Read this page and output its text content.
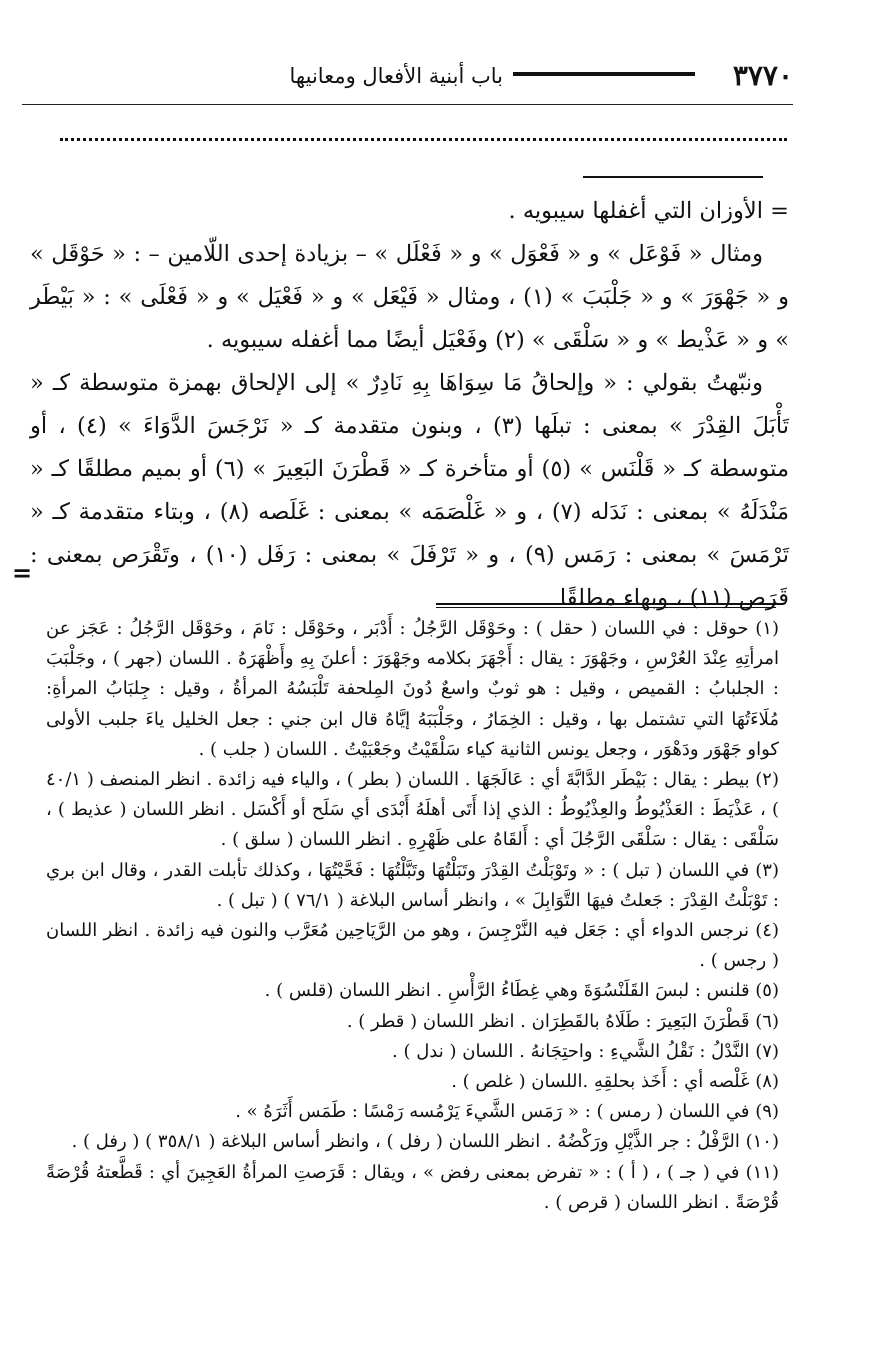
٣٧٧٠
باب أبنية الأفعال ومعانيها

= الأوزان التي أغفلها سيبويه .

ومثال « فَوْعَل » و « فَعْوَل » و « فَعْلَل » – بزيادة إحدى اللّامين – : « حَوْقَل » و « جَهْوَرَ » و « جَلْبَبَ » (١) ، ومثال « فَيْعَل » و « فَعْيَل » و « فَعْلَى » : « بَيْطَر » و « عَذْيط » و « سَلْقَى » (٢) وفَعْيَل أيضًا مما أغفله سيبويه .

ونبّهتُ بقولي : « وإلحاقُ مَا سِوَاهَا بِهِ نَادِرٌ » إلى الإلحاق بهمزة متوسطة كـ « تَأْبَلَ القِدْرَ » بمعنى : تبلَها (٣) ، وبنون متقدمة كـ « نَرْجَسَ الدَّوَاءَ » (٤) ، أو متوسطة كـ « قَلْنَس » (٥) أو متأخرة كـ « قَطْرَنَ البَعِيرَ » (٦) أو بميم مطلقًا كـ « مَنْدَلَهُ » بمعنى : نَدَله (٧) ، و « غَلْصَمَه » بمعنى : غَلَصه (٨) ، وبتاء متقدمة كـ « تَرْمَسَ » بمعنى : رَمَس (٩) ، و « تَرْفَلَ » بمعنى : رَفَل (١٠) ، وتَقْرَص بمعنى : قَرَص (١١) ، وبهاء مطلقًا

=

(١) حوقل : في اللسان ( حقل ) : وحَوْقَل الرَّجُلُ : أَدْبَر ، وحَوْقَل : نَامَ ، وحَوْقَل الرَّجُلُ : عَجَز عن امرأتِهِ عِنْدَ العُرْسِ ، وجَهْوَرَ : يقال : أَجْهَرَ بكلامه وجَهْوَرَ : أعلنَ بِهِ وأَظْهَرَهُ . اللسان (جهر ) ، وجَلْبَبَ : الجلبابُ : القميص ، وقيل : هو ثوبٌ واسعٌ دُونَ المِلحفة تَلْبَسُهُ المرأةُ ، وقيل : جِلبَابُ المرأةِ: مُلَاءَتُهَا التي تشتمل بها ، وقيل : الخِمَارُ ، وجَلْبَبَهُ إيَّاهُ قال ابن جني : جعل الخليل ياءَ جلبب الأولى كواو جَهْوَر ودَهْوَر ، وجعل يونس الثانية كياء سَلْقَيْتُ وجَعْبَيْتُ . اللسان ( جلب ) .

(٢) بيطر : يقال : بَيْطَر الدَّابَّةَ أي : عَالَجَهَا . اللسان ( بطر ) ، والياء فيه زائدة . انظر المنصف ( ٤٠/١ ) ، عَذْيَطَ : العَذْيُوطُ والعِذْيُوطُ : الذي إذا أَتَى أهلَهُ أَبْدَى أي سَلَح أو أَكْسَل . انظر اللسان ( عذيط ) ، سَلْقَى : يقال : سَلْقَى الرَّجُلَ أي : أَلقَاهُ على ظَهْرِهِ . انظر اللسان ( سلق ) .

(٣) في اللسان ( تبل ) : « وتَوْبَلْتُ القِدْرَ وتَبَلْتُهَا وتَبَّلْتُهَا : فَحَّيْتُهَا ، وكذلك تأبلت القدر ، وقال ابن بري : تَوْبَلْتُ القِدْرَ : جَعلتُ فيهَا التَّوَابِلَ » ، وانظر أساس البلاغة ( ٧٦/١ ) ( تبل ) .

(٤) نرجس الدواء أي : جَعَل فيه النَّرْجِسَ ، وهو من الرَّيَاحِين مُعَرَّب والنون فيه زائدة . انظر اللسان ( رجس ) .

(٥) قلنس : لبسَ القَلَنْسُوَةَ وهي غِطَاءُ الرَّأْسِ . انظر اللسان (قلس ) .

(٦) قَطْرَنَ البَعِيرَ : طَلَاهُ بالقَطِرَان . انظر اللسان ( قطر ) .

(٧) النَّدْلُ : نَقْلُ الشَّيءِ : واحتِجَانهُ . اللسان ( ندل ) .

(٨) غَلْصه أي : أَخَذ بحلقِهِ .اللسان ( غلص ) .

(٩) في اللسان ( رمس ) : « رَمَس الشَّيءَ يَرْمُسه رَمْسًا : طَمَس أَثَرَهُ » .

(١٠) الرَّفْلُ : جر الذَّيْلِ ورَكْضُهُ . انظر اللسان ( رفل ) ، وانظر أساس البلاغة ( ٣٥٨/١ ) ( رفل ) .

(١١) في ( جـ ) ، ( أ ) : « تفرض بمعنى رفض » ، ويقال : قَرَصتِ المرأةُ العَجِينَ أي : قَطَّعتهُ قُرْصَةً قُرْصَةً . انظر اللسان ( قرص ) .
